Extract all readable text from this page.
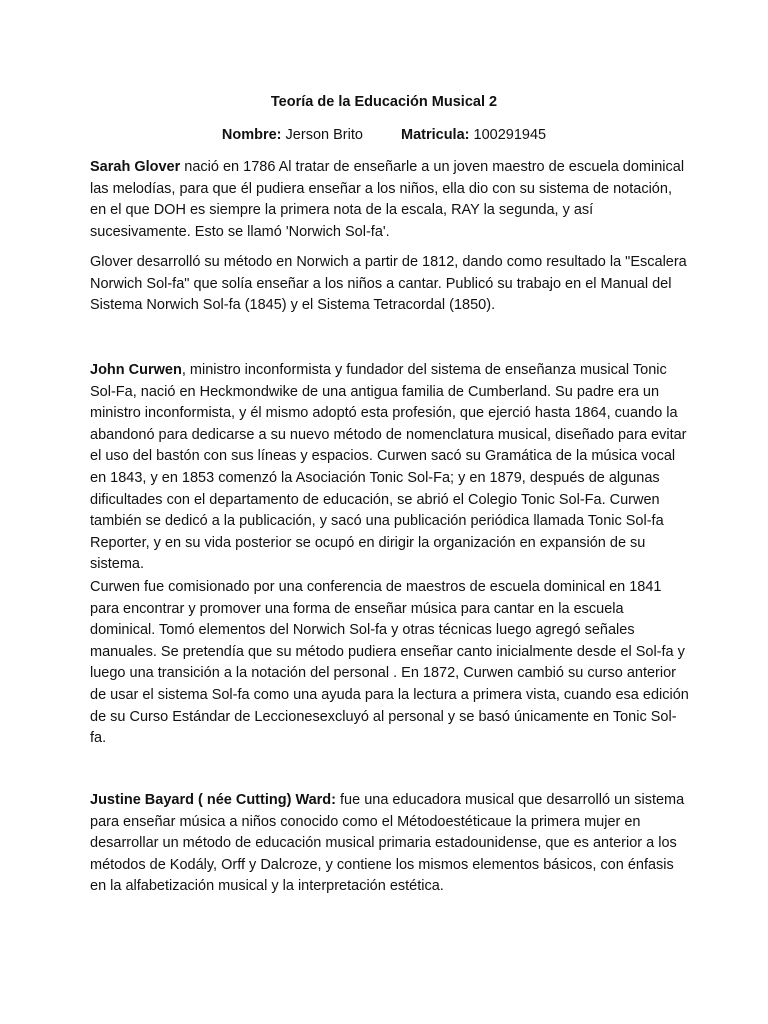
Teoría de la Educación Musical 2
Nombre: Jerson Brito	Matricula: 100291945

Sarah Glover nació en 1786 Al tratar de enseñarle a un joven maestro de escuela dominical las melodías, para que él pudiera enseñar a los niños, ella dio con su sistema de notación, en el que DOH es siempre la primera nota de la escala, RAY la segunda, y así sucesivamente. Esto se llamó 'Norwich Sol-fa'.

Glover desarrolló su método en Norwich a partir de 1812, dando como resultado la "Escalera Norwich Sol-fa" que solía enseñar a los niños a cantar. Publicó su trabajo en el Manual del Sistema Norwich Sol-fa (1845) y el Sistema Tetracordal (1850).

John Curwen, ministro inconformista y fundador del sistema de enseñanza musical Tonic Sol-Fa, nació en Heckmondwike de una antigua familia de Cumberland. Su padre era un ministro inconformista, y él mismo adoptó esta profesión, que ejerció hasta 1864, cuando la abandonó para dedicarse a su nuevo método de nomenclatura musical, diseñado para evitar el uso del bastón con sus líneas y espacios. Curwen sacó su Gramática de la música vocal en 1843, y en 1853 comenzó la Asociación Tonic Sol-Fa; y en 1879, después de algunas dificultades con el departamento de educación, se abrió el Colegio Tonic Sol-Fa. Curwen también se dedicó a la publicación, y sacó una publicación periódica llamada Tonic Sol-fa Reporter, y en su vida posterior se ocupó en dirigir la organización en expansión de su sistema.

Curwen fue comisionado por una conferencia de maestros de escuela dominical en 1841 para encontrar y promover una forma de enseñar música para cantar en la escuela dominical. Tomó elementos del Norwich Sol-fa y otras técnicas luego agregó señales manuales. Se pretendía que su método pudiera enseñar canto inicialmente desde el Sol-fa y luego una transición a la notación del personal . En 1872, Curwen cambió su curso anterior de usar el sistema Sol-fa como una ayuda para la lectura a primera vista, cuando esa edición de su Curso Estándar de Leccionesexcluyó al personal y se basó únicamente en Tonic Sol-fa.

Justine Bayard ( née Cutting) Ward: fue una educadora musical que desarrolló un sistema para enseñar música a niños conocido como el Métodoestéticaue la primera mujer en desarrollar un método de educación musical primaria estadounidense, que es anterior a los métodos de Kodály, Orff y Dalcroze, y contiene los mismos elementos básicos, con énfasis en la alfabetización musical y la interpretación estética.
